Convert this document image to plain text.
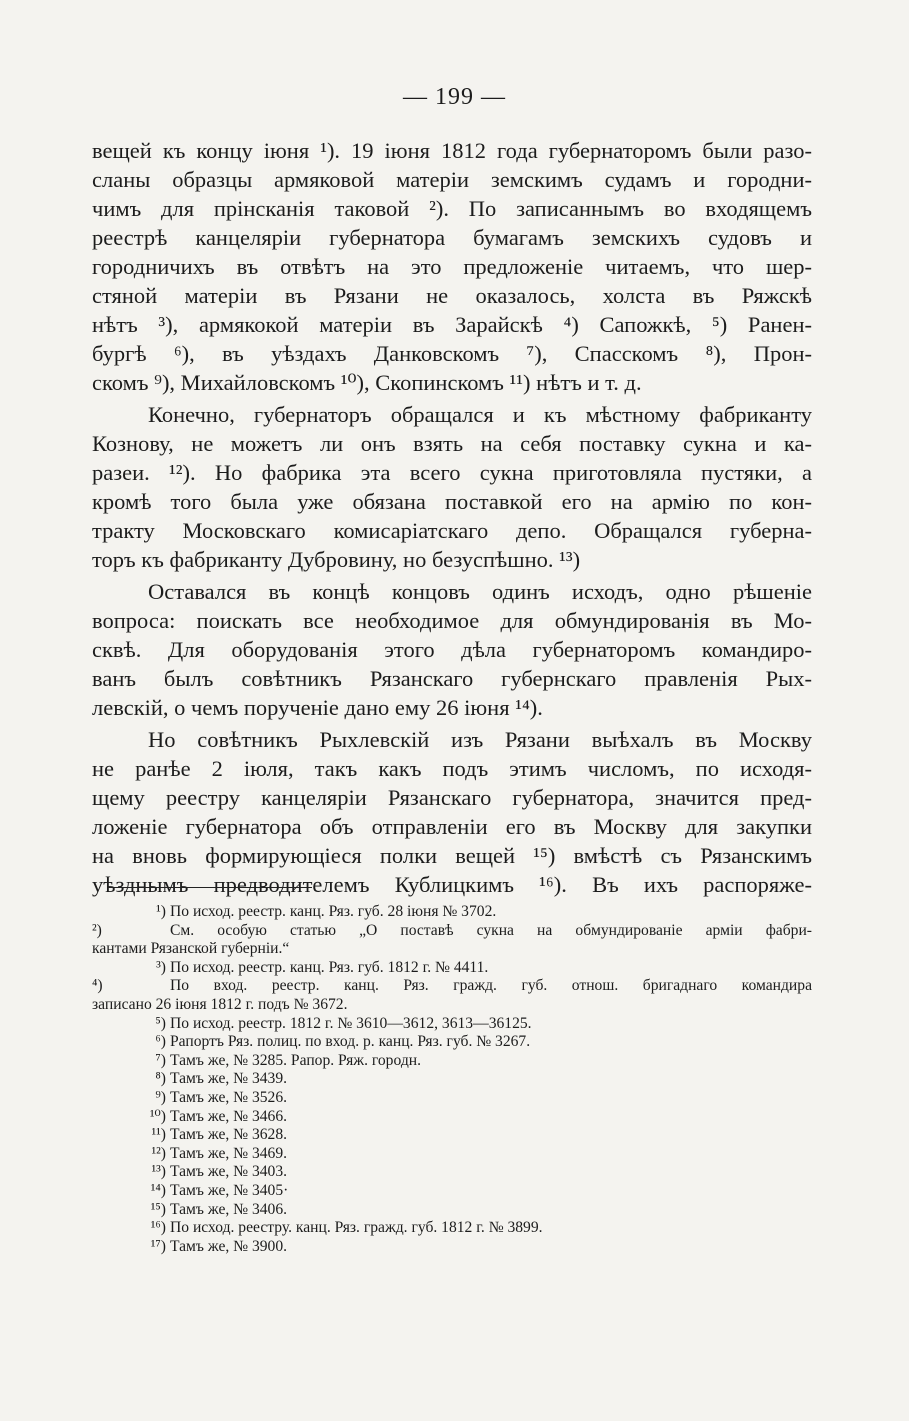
— 199 —
вещей къ концу іюня ¹). 19 іюня 1812 года губернаторомъ были разо-
сланы образцы армяковой матеріи земскимъ судамъ и городни-
чимъ для прінсканія таковой ²). По записаннымъ во входящемъ
реестрѣ канцеляріи губернатора бумагамъ земскихъ судовъ и
городничихъ въ отвѣтъ на это предложеніе читаемъ, что шер-
стяной матеріи въ Рязани не оказалось, холста въ Ряжскѣ
нѣтъ ³), армякокой матеріи въ Зарайскѣ ⁴) Сапожкѣ, ⁵) Ранен-
бургѣ ⁶), въ уѣздахъ Данковскомъ ⁷), Спасскомъ ⁸), Прон-
скомъ ⁹), Михайловскомъ ¹⁰), Скопинскомъ ¹¹) нѣтъ и т. д.
Конечно, губернаторъ обращался и къ мѣстному фабриканту
Кознову, не можетъ ли онъ взять на себя поставку сукна и ка-
разеи. ¹²). Но фабрика эта всего сукна приготовляла пустяки, а
кромѣ того была уже обязана поставкой его на армію по кон-
тракту Московскаго комисаріатскаго депо. Обращался губерна-
торъ къ фабриканту Дубровину, но безуспѣшно. ¹³)
Оставался въ концѣ концовъ одинъ исходъ, одно рѣшеніе
вопроса: поискать все необходимое для обмундированія въ Мо-
сквѣ. Для оборудованія этого дѣла губернаторомъ командиро-
ванъ былъ совѣтникъ Рязанскаго губернскаго правленія Рых-
левскій, о чемъ порученіе дано ему 26 іюня ¹⁴).
Но совѣтникъ Рыхлевскій изъ Рязани выѣхалъ въ Москву
не ранѣе 2 іюля, такъ какъ подъ этимъ числомъ, по исходя-
щему реестру канцеляріи Рязанскаго губернатора, значится пред-
ложеніе губернатора объ отправленіи его въ Москву для закупки
на вновь формирующіеся полки вещей ¹⁵) вмѣстѣ съ Рязанскимъ
уѣзднымъ предводителемъ Кублицкимъ ¹⁶). Въ ихъ распоряже-
¹) По исход. реестр. канц. Ряз. губ. 28 іюня № 3702.
²)	См. особую статью „О поставѣ сукна на обмундированіе арміи фабри-
кантами Рязанской губерніи.“
³) По исход. реестр. канц. Ряз. губ. 1812 г. № 4411.
⁴)	По вход. реестр. канц. Ряз. гражд. губ. отнош. бригаднаго командира
записано 26 іюня 1812 г. подъ № 3672.
⁵) По исход. реестр. 1812 г. № 3610—3612, 3613—36125.
⁶) Рапортъ Ряз. полиц. по вход. р. канц. Ряз. губ. № 3267.
⁷) Тамъ же, № 3285. Рапор. Ряж. городн.
⁸) Тамъ же, № 3439.
⁹) Тамъ же, № 3526.
¹⁰) Тамъ же, № 3466.
¹¹) Тамъ же, № 3628.
¹²) Тамъ же, № 3469.
¹³) Тамъ же, № 3403.
¹⁴) Тамъ же, № 3405·
¹⁵) Тамъ же, № 3406.
¹⁶) По исход. реестру. канц. Ряз. гражд. губ. 1812 г. № 3899.
¹⁷) Тамъ же, № 3900.
